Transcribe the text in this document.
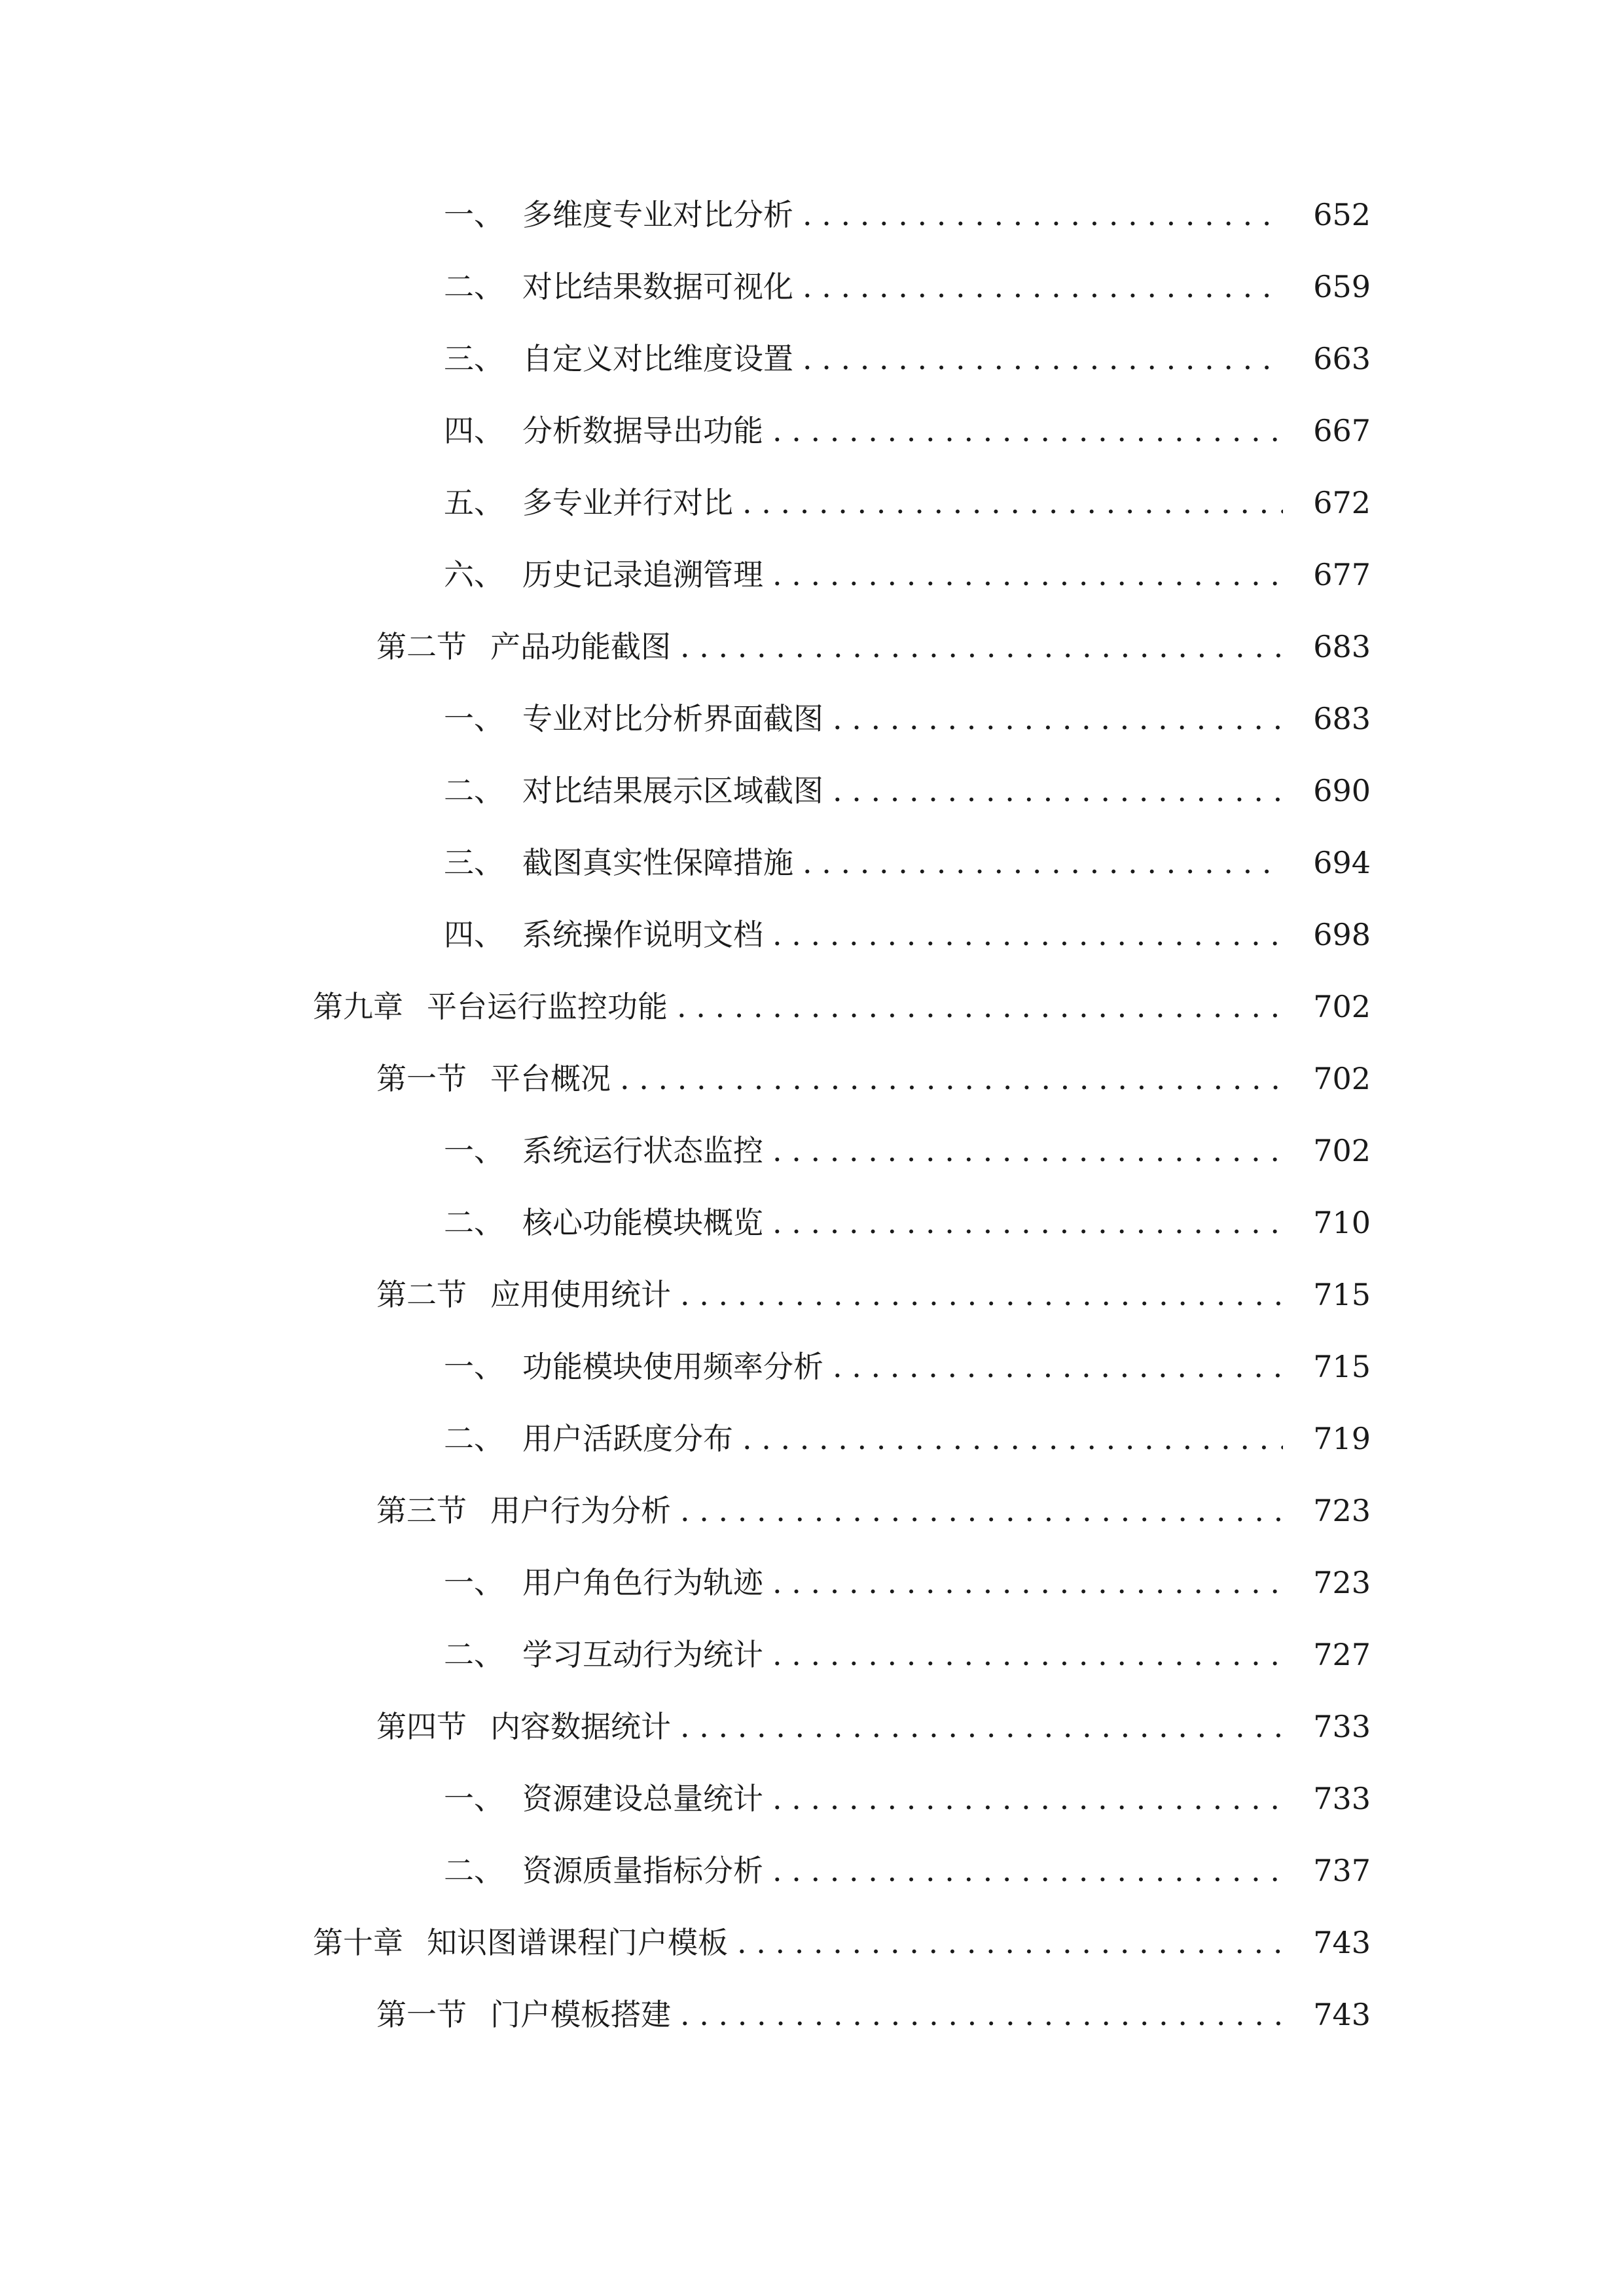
一、 多维度专业对比分析 . . .	652
二、 对比结果数据可视化 . . .	659
三、 自定义对比维度设置 . . .	663
四、 分析数据导出功能 . . .	667
五、 多专业并行对比 . . .	672
六、 历史记录追溯管理 . . .	677
第二节 产品功能截图 . . .	683
一、 专业对比分析界面截图 . . .	683
二、 对比结果展示区域截图 . . .	690
三、 截图真实性保障措施 . . .	694
四、 系统操作说明文档 . . .	698
第九章 平台运行监控功能 . . .	702
第一节 平台概况 . . .	702
一、 系统运行状态监控 . . .	702
二、 核心功能模块概览 . . .	710
第二节 应用使用统计 . . .	715
一、 功能模块使用频率分析 . . .	715
二、 用户活跃度分布 . . .	719
第三节 用户行为分析 . . .	723
一、 用户角色行为轨迹 . . .	723
二、 学习互动行为统计 . . .	727
第四节 内容数据统计 . . .	733
一、 资源建设总量统计 . . .	733
二、 资源质量指标分析 . . .	737
第十章 知识图谱课程门户模板 . . .	743
第一节 门户模板搭建 . . .	743
